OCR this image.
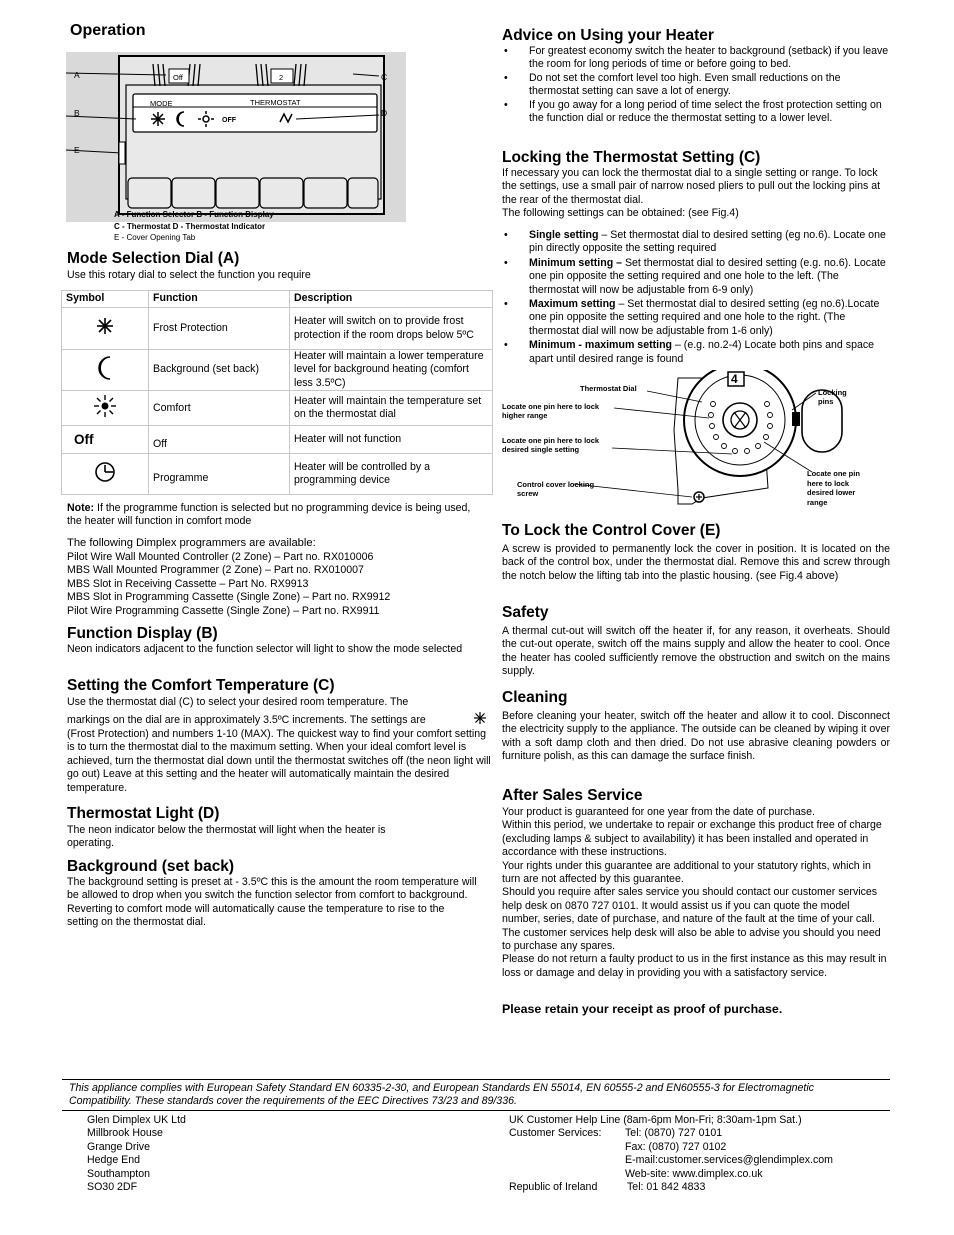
Operation
A
B
E
C
D
Off	2
MODE	THERMOSTAT
OFF
A - Function Selector B - Function Display
C - Thermostat D - Thermostat Indicator
E - Cover Opening Tab
Mode Selection Dial (A)

Use this rotary dial to select the function you require

Symbol	Function	Description
	Frost Protection	Heater will switch on to provide frost protection if the room drops below 5ºC
	Background (set back)	Heater will maintain a lower temperature level for background heating (comfort less 3.5ºC)
	Comfort	Heater will maintain the temperature set on the thermostat dial
Off	Off	Heater will not function
	Programme	Heater will be controlled by a programming device

Note: If the programme function is selected but no programming device is being used, the heater will function in comfort mode

The following Dimplex programmers are available:

Pilot Wire Wall Mounted Controller (2 Zone) – Part no. RX010006
MBS Wall Mounted Programmer (2 Zone) – Part no. RX010007
MBS Slot in Receiving Cassette – Part No. RX9913
MBS Slot in Programming Cassette (Single Zone) – Part no. RX9912
Pilot Wire Programming Cassette (Single Zone) – Part no. RX9911
Function Display (B)

Neon indicators adjacent to the function selector will light to show the mode selected

Setting the Comfort Temperature (C)

Use the thermostat dial (C) to select your desired room temperature. The

markings on the dial are in approximately 3.5ºC increments. The settings are

(Frost Protection) and numbers 1-10 (MAX). The quickest way to find your comfort setting is to turn the thermostat dial to the maximum setting. When your ideal comfort level is achieved, turn the thermostat dial down until the thermostat switches off (the neon light will go out) Leave at this setting and the heater will automatically maintain the desired temperature.

Thermostat Light (D)

The neon indicator below the thermostat will light when the heater is operating.

Background (set back)

The background setting is preset at - 3.5ºC this is the amount the room temperature will be allowed to drop when you switch the function selector from comfort to background.

Reverting to comfort mode will automatically cause the temperature to rise to the setting on the thermostat dial.

Advice on Using your Heater
• For greatest economy switch the heater to background (setback) if you leave the room for long periods of time or before going to bed.
• Do not set the comfort level too high. Even small reductions on the thermostat setting can save a lot of energy.
• If you go away for a long period of time select the frost protection setting on the function dial or reduce the thermostat setting to a lower level.
Locking the Thermostat Setting (C)

If necessary you can lock the thermostat dial to a single setting or range. To lock the settings, use a small pair of narrow nosed pliers to pull out the locking pins at the rear of the thermostat dial.

The following settings can be obtained: (see Fig.4)

• Single setting – Set thermostat dial to desired setting (eg no.6). Locate one pin directly opposite the setting required
• Minimum setting – Set thermostat dial to desired setting (e.g. no.6). Locate one pin opposite the setting required and one hole to the left. (The thermostat will now be adjustable from 6-9 only)
• Maximum setting – Set thermostat dial to desired setting (eg no.6).Locate one pin opposite the setting required and one hole to the right. (The thermostat dial will now be adjustable from 1-6 only)
• Minimum - maximum setting – (e.g. no.2-4) Locate both pins and space apart until desired range is found
Thermostat Dial	Locking pins
Locate one pin here to lock higher range
Locate one pin here to lock desired single setting
Control cover locking screw
Locate one pin here to lock desired lower range
4
To Lock the Control Cover (E)

A screw is provided to permanently lock the cover in position. It is located on the back of the control box, under the thermostat dial. Remove this and screw through the notch below the lifting tab into the plastic housing. (see Fig.4 above)

Safety

A thermal cut-out will switch off the heater if, for any reason, it overheats. Should the cut-out operate, switch off the mains supply and allow the heater to cool. Once the heater has cooled sufficiently remove the obstruction and switch on the mains supply.

Cleaning

Before cleaning your heater, switch off the heater and allow it to cool. Disconnect the electricity supply to the appliance. The outside can be cleaned by wiping it over with a soft damp cloth and then dried. Do not use abrasive cleaning powders or furniture polish, as this can damage the surface finish.

After Sales Service

Your product is guaranteed for one year from the date of purchase.

Within this period, we undertake to repair or exchange this product free of charge (excluding lamps & subject to availability) it has been installed and operated in accordance with these instructions.

Your rights under this guarantee are additional to your statutory rights, which in turn are not affected by this guarantee.

Should you require after sales service you should contact our customer services help desk on 0870 727 0101. It would assist us if you can quote the model number, series, date of purchase, and nature of the fault at the time of your call. The customer services help desk will also be able to advise you should you need to purchase any spares.

Please do not return a faulty product to us in the first instance as this may result in loss or damage and delay in providing you with a satisfactory service.

Please retain your receipt as proof of purchase.

This appliance complies with European Safety Standard EN 60335-2-30, and European Standards EN 55014, EN 60555-2 and EN60555-3 for Electromagnetic Compatibility. These standards cover the requirements of the EEC Directives 73/23 and 89/336.

Glen Dimplex UK Ltd
Millbrook House
Grange Drive
Hedge End
Southampton
SO30 2DF
UK Customer Help Line (8am-6pm Mon-Fri; 8:30am-1pm Sat.)
Customer Services: Tel: (0870) 727 0101
Fax: (0870) 727 0102
E-mail:customer.services@glendimplex.com
Web-site: www.dimplex.co.uk
Republic of Ireland	Tel: 01 842 4833
